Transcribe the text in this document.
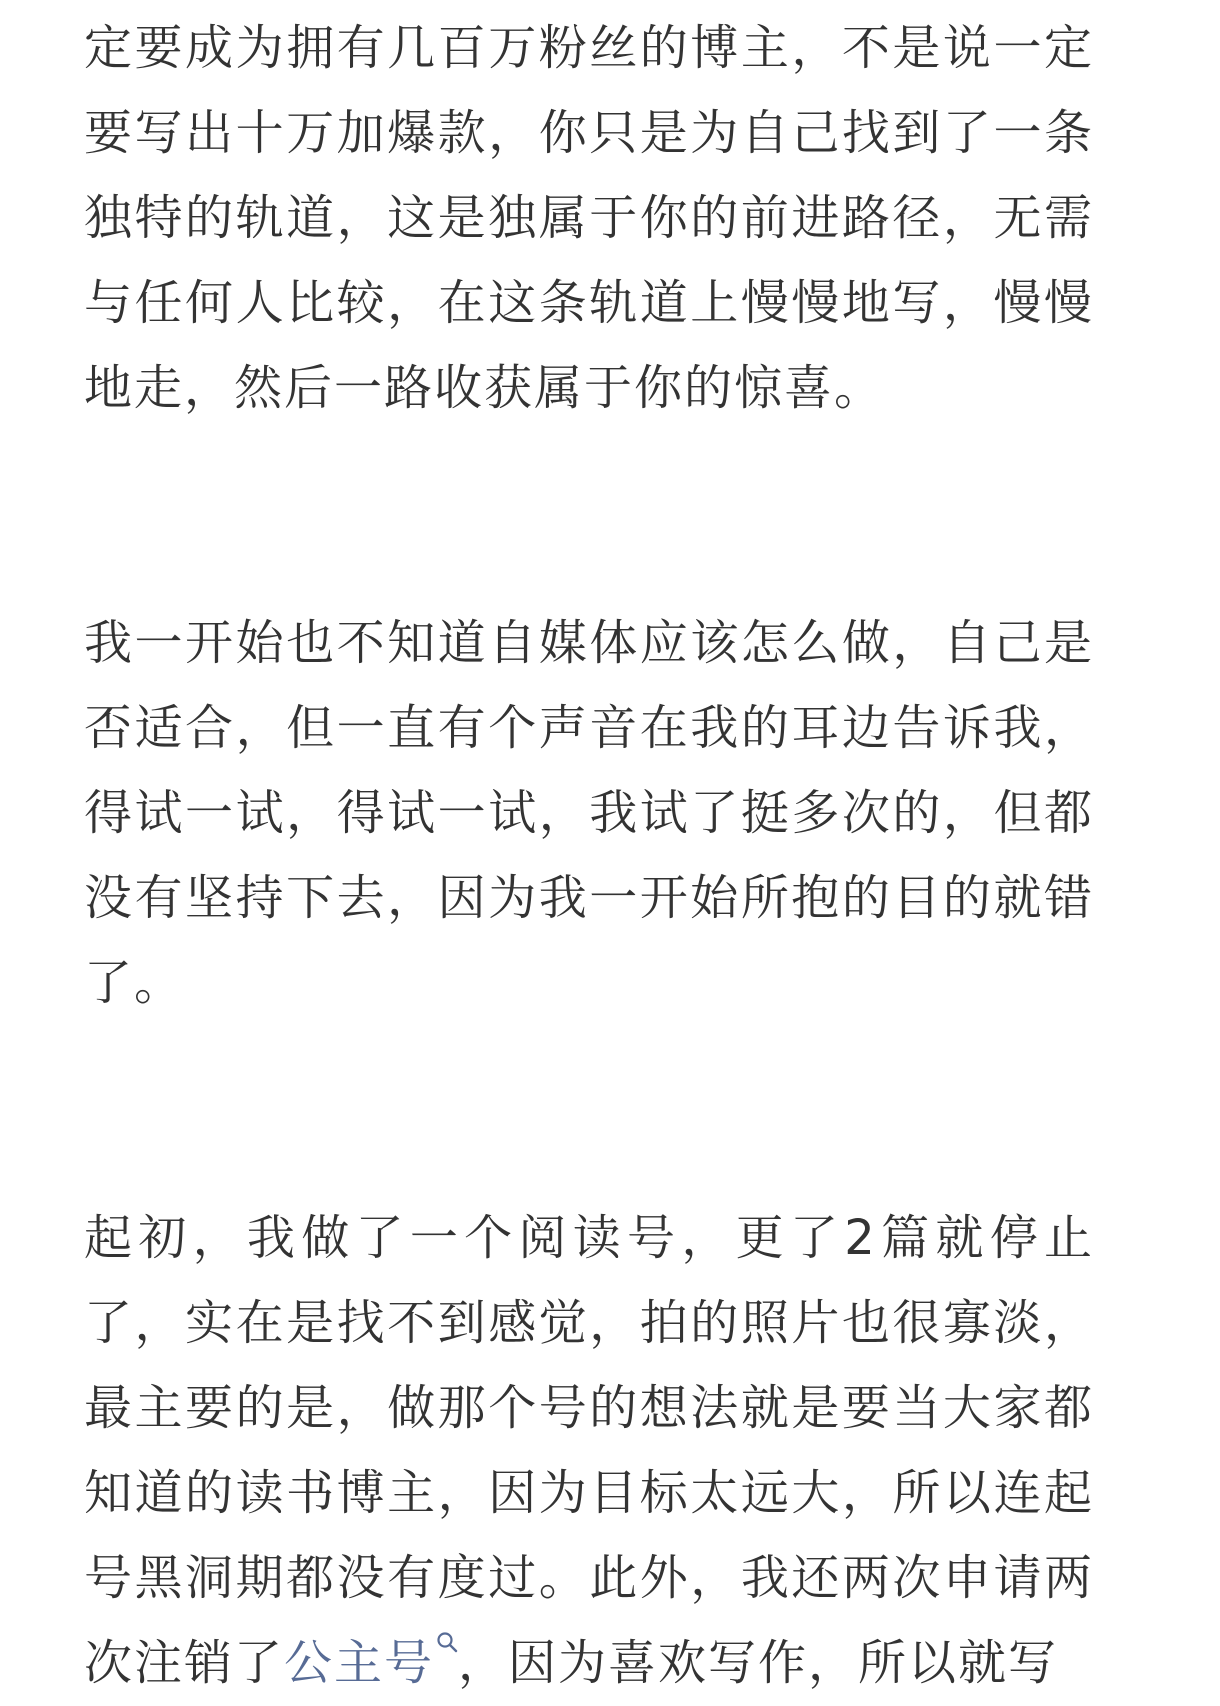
定要成为拥有几百万粉丝的博主，不是说一定要写出十万加爆款，你只是为自己找到了一条独特的轨道，这是独属于你的前进路径，无需与任何人比较，在这条轨道上慢慢地写，慢慢地走，然后一路收获属于你的惊喜。

我一开始也不知道自媒体应该怎么做，自己是否适合，但一直有个声音在我的耳边告诉我，得试一试，得试一试，我试了挺多次的，但都没有坚持下去，因为我一开始所抱的目的就错了。

起初，我做了一个阅读号，更了2篇就停止了，实在是找不到感觉，拍的照片也很寡淡，最主要的是，做那个号的想法就是要当大家都知道的读书博主，因为目标太远大，所以连起号黑洞期都没有度过。此外，我还两次申请两次注销了公主号 ，因为喜欢写作，所以就写
